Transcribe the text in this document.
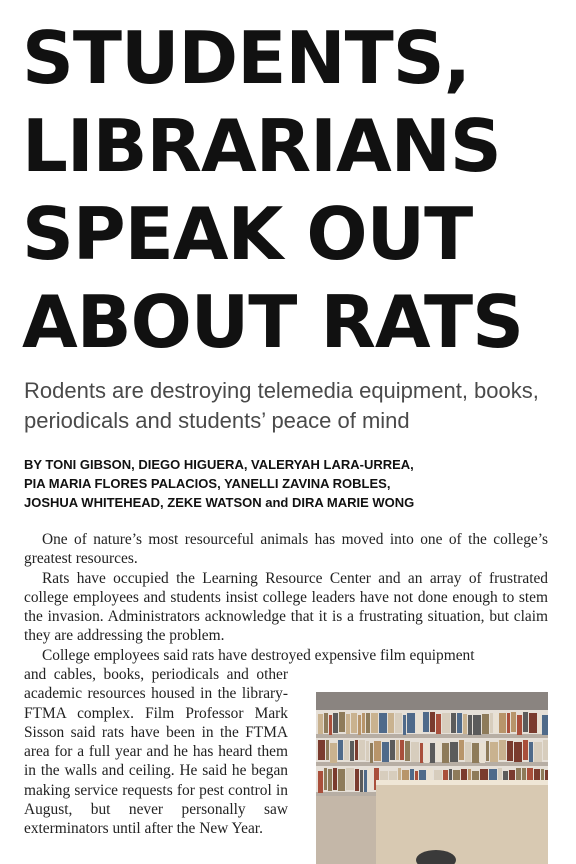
STUDENTS,
LIBRARIANS
SPEAK OUT
ABOUT RATS
Rodents are destroying telemedia equipment, books, periodicals and students’ peace of mind
BY TONI GIBSON, DIEGO HIGUERA, VALERYAH LARA-URREA,
PIA MARIA FLORES PALACIOS, YANELLI ZAVINA ROBLES,
JOSHUA WHITEHEAD, ZEKE WATSON and DIRA MARIE WONG

One of nature’s most resourceful animals has moved into one of the college’s greatest resources.

Rats have occupied the Learning Resource Center and an array of frustrated college employees and students insist college leaders have not done enough to stem the invasion. Administrators acknowledge that it is a frustrating situation, but claim they are addressing the problem.

College employees said rats have destroyed expensive film equipment
and cables, books, periodicals and other academic resources housed in the library-FTMA complex. Film Professor Mark Sisson said rats have been in the FTMA area for a full year and he has heard them in the walls and ceiling. He said he began making service requests for pest control in August, but never personally saw exterminators until after the New Year.
